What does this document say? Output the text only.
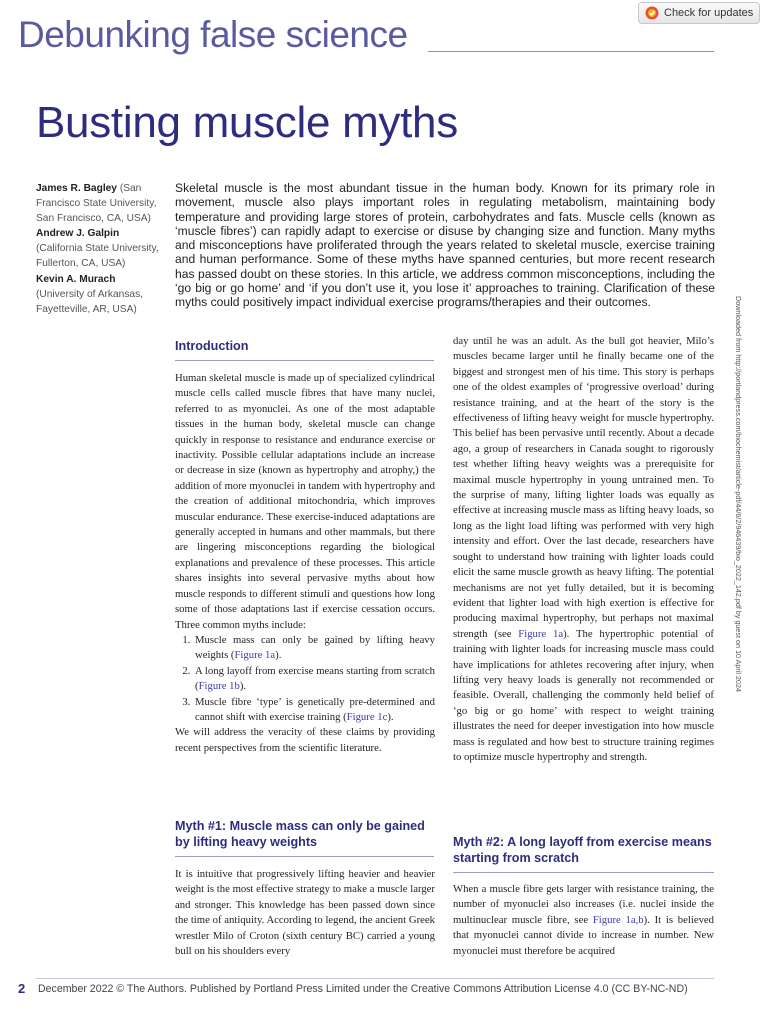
Check for updates
Debunking false science
Busting muscle myths
James R. Bagley (San Francisco State University, San Francisco, CA, USA)
Andrew J. Galpin (California State University, Fullerton, CA, USA)
Kevin A. Murach (University of Arkansas, Fayetteville, AR, USA)
Skeletal muscle is the most abundant tissue in the human body. Known for its primary role in movement, muscle also plays important roles in regulating metabolism, maintaining body temperature and providing large stores of protein, carbohydrates and fats. Muscle cells (known as ‘muscle fibres’) can rapidly adapt to exercise or disuse by changing size and function. Many myths and misconceptions have proliferated through the years related to skeletal muscle, exercise training and human performance. Some of these myths have spanned centuries, but more recent research has passed doubt on these stories. In this article, we address common misconceptions, including the ‘go big or go home’ and ‘if you don’t use it, you lose it’ approaches to training. Clarification of these myths could positively impact individual exercise programs/therapies and their outcomes.
Introduction

Human skeletal muscle is made up of specialized cylindrical muscle cells called muscle fibres that have many nuclei, referred to as myonuclei. As one of the most adaptable tissues in the human body, skeletal muscle can change quickly in response to resistance and endurance exercise or inactivity. Possible cellular adaptations include an increase or decrease in size (known as hypertrophy and atrophy,) the addition of more myonuclei in tandem with hypertrophy and the creation of additional mitochondria, which improves muscular endurance. These exercise-induced adaptations are generally accepted in humans and other mammals, but there are lingering misconceptions regarding the biological explanations and prevalence of these processes. This article shares insights into several pervasive myths about how muscle responds to different stimuli and questions how long some of those adaptations last if exercise cessation occurs. Three common myths include:

1. Muscle mass can only be gained by lifting heavy weights (Figure 1a).
2. A long layoff from exercise means starting from scratch (Figure 1b).
3. Muscle fibre ‘type’ is genetically pre-determined and cannot shift with exercise training (Figure 1c).

We will address the veracity of these claims by providing recent perspectives from the scientific literature.

Myth #1: Muscle mass can only be gained by lifting heavy weights

It is intuitive that progressively lifting heavier and heavier weight is the most effective strategy to make a muscle larger and stronger. This knowledge has been passed down since the time of antiquity. According to legend, the ancient Greek wrestler Milo of Croton (sixth century BC) carried a young bull on his shoulders every

day until he was an adult. As the bull got heavier, Milo’s muscles became larger until he finally became one of the biggest and strongest men of his time. This story is perhaps one of the oldest examples of ‘progressive overload’ during resistance training, and at the heart of the story is the effectiveness of lifting heavy weight for muscle hypertrophy. This belief has been pervasive until recently. About a decade ago, a group of researchers in Canada sought to rigorously test whether lifting heavy weights was a prerequisite for maximal muscle hypertrophy in young untrained men. To the surprise of many, lifting lighter loads was equally as effective at increasing muscle mass as lifting heavy loads, so long as the light load lifting was performed with very high intensity and effort. Over the last decade, researchers have sought to understand how training with lighter loads could elicit the same muscle growth as heavy lifting. The potential mechanisms are not yet fully detailed, but it is becoming evident that lighter load with high exertion is effective for producing maximal hypertrophy, but perhaps not maximal strength (see Figure 1a). The hypertrophic potential of training with lighter loads for increasing muscle mass could have implications for athletes recovering after injury, when lifting very heavy loads is generally not recommended or feasible. Overall, challenging the commonly held belief of ‘go big or go home’ with respect to weight training illustrates the need for deeper investigation into how muscle mass is regulated and how best to structure training regimes to optimize muscle hypertrophy and strength.

Myth #2: A long layoff from exercise means starting from scratch

When a muscle fibre gets larger with resistance training, the number of myonuclei also increases (i.e. nuclei inside the multinuclear muscle fibre, see Figure 1a,b). It is believed that myonuclei cannot divide to increase in number. New myonuclei must therefore be acquired

Downloaded from http://portlandpress.com/biochemist/article-pdf/44/6/2/946439/bio_2022_142.pdf by guest on 10 April 2024
2 December 2022 © The Authors. Published by Portland Press Limited under the Creative Commons Attribution License 4.0 (CC BY-NC-ND)
